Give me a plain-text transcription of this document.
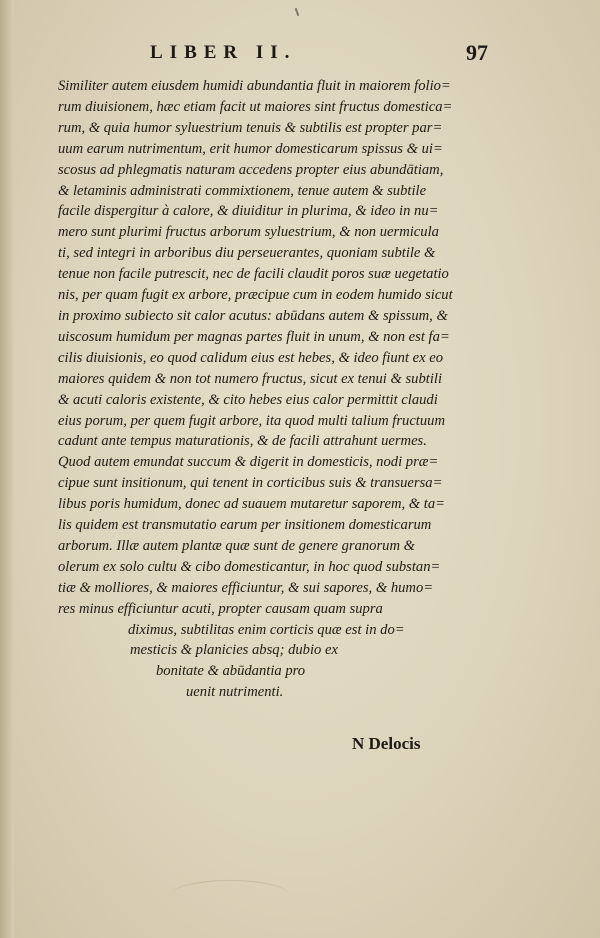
LIBER II.	97
Similiter autem eiusdem humidi abundantia fluit in maiorem folio=
rum diuisionem, hæc etiam facit ut maiores sint fructus domestica=
rum, & quia humor syluestrium tenuis & subtilis est propter par=
uum earum nutrimentum, erit humor domesticarum spissus & ui=
scosus ad phlegmatis naturam accedens propter eius abundātiam,
& letaminis administrati commixtionem, tenue autem & subtile
facile dispergitur à calore, & diuiditur in plurima, & ideo in nu=
mero sunt plurimi fructus arborum syluestrium, & non uermicula
ti, sed integri in arboribus diu perseuerantes, quoniam subtile &
tenue non facile putrescit, nec de facili claudit poros suæ uegetatio
nis, per quam fugit ex arbore, præcipue cum in eodem humido sicut
in proximo subiecto sit calor acutus: abūdans autem & spissum, &
uiscosum humidum per magnas partes fluit in unum, & non est fa=
cilis diuisionis, eo quod calidum eius est hebes, & ideo fiunt ex eo
maiores quidem & non tot numero fructus, sicut ex tenui & subtili
& acuti caloris existente, & cito hebes eius calor permittit claudi
eius porum, per quem fugit arbore, ita quod multi talium fructuum
cadunt ante tempus maturationis, & de facili attrahunt uermes.
Quod autem emundat succum & digerit in domesticis, nodi præ=
cipue sunt insitionum, qui tenent in corticibus suis & transuersa=
libus poris humidum, donec ad suauem mutaretur saporem, & ta=
lis quidem est transmutatio earum per insitionem domesticarum
arborum. Illæ autem plantæ quæ sunt de genere granorum &
olerum ex solo cultu & cibo domesticantur, in hoc quod substan=
tiæ & molliores, & maiores efficiuntur, & sui sapores, & humo=
res minus efficiuntur acuti, propter causam quam supra
diximus, subtilitas enim corticis quæ est in do=
mesticis & planicies absq; dubio ex
bonitate & abūdantia pro
uenit nutrimenti.
N Delocis
